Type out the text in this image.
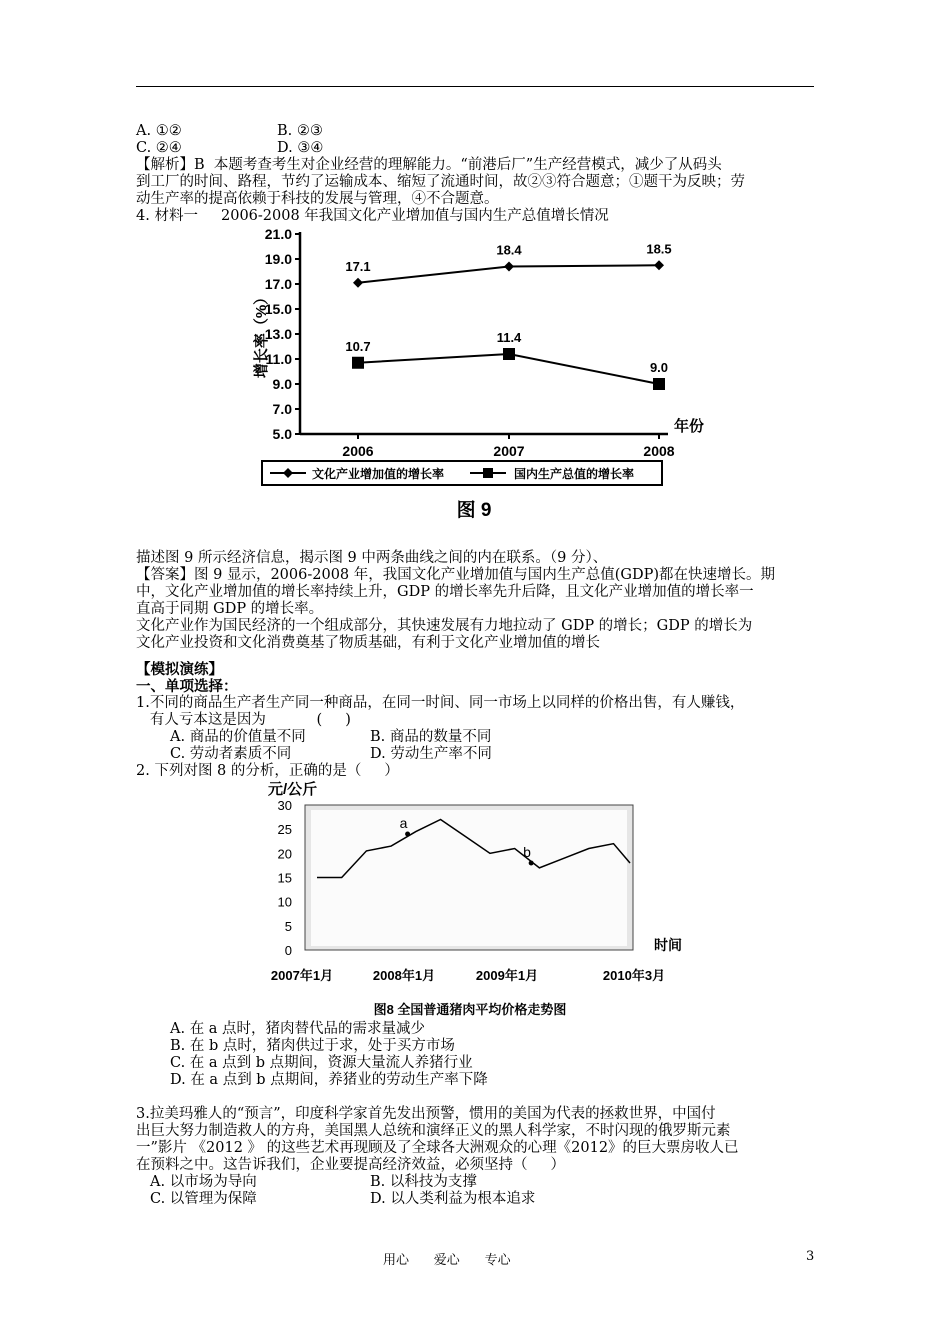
A. ①②	B. ②③
C. ②④	D. ③④
【解析】B  本题考查考生对企业经营的理解能力。“前港后厂”生产经营模式，减少了从码头
到工厂的时间、路程，节约了运输成本、缩短了流通时间，故②③符合题意；①题干为反映；劳
动生产率的提高依赖于科技的发展与管理，④不合题意。
4. 材料一     2006-2008 年我国文化产业增加值与国内生产总值增长情况
增长率（%）
年份
5.0
7.0
9.0
11.0
13.0
15.0
17.0
19.0
21.0
2006	2007	2008
17.1
18.4	18.5
10.7
11.4
9.0
文化产业增加值的增长率	国内生产总值的增长率
图 9
描述图 9 所示经济信息，揭示图 9 中两条曲线之间的内在联系。（9 分）、
【答案】图 9 显示，2006-2008 年，我国文化产业增加值与国内生产总值(GDP)都在快速增长。期
中，文化产业增加值的增长率持续上升，GDP 的增长率先升后降，且文化产业增加值的增长率一
直高于同期 GDP 的增长率。
文化产业作为国民经济的一个组成部分，其快速发展有力地拉动了 GDP 的增长；GDP 的增长为
文化产业投资和文化消费奠基了物质基础，有利于文化产业增加值的增长
【模拟演练】
一、单项选择：
1.不同的商品生产者生产同一种商品，在同一时间、同一市场上以同样的价格出售，有人赚钱，
有人亏本这是因为           (     )
A. 商品的价值量不同	B. 商品的数量不同
C. 劳动者素质不同	D. 劳动生产率不同
2. 下列对图 8 的分析，正确的是（     ）
元/公斤
0
5
10
15
20
25
30
a
b
时间
2007年1月	2008年1月	2009年1月	2010年3月
图8 全国普通猪肉平均价格走势图
A. 在 a 点时，猪肉替代品的需求量减少
B. 在 b 点时，猪肉供过于求，处于买方市场
C. 在 a 点到 b 点期间，资源大量流人养猪行业
D. 在 a 点到 b 点期间，养猪业的劳动生产率下降
3.拉美玛雅人的“预言”，印度科学家首先发出预警，惯用的美国为代表的拯救世界，中国付
出巨大努力制造救人的方舟，美国黑人总统和演绎正义的黑人科学家，不时闪现的俄罗斯元素
一”影片 《2012 》 的这些艺术再现顾及了全球各大洲观众的心理《2012》的巨大票房收人已
在预料之中。这告诉我们，企业要提高经济效益，必须坚持（     ）
A. 以市场为导向	B. 以科技为支撑
C. 以管理为保障	D. 以人类利益为根本追求
用心      爱心      专心	3
